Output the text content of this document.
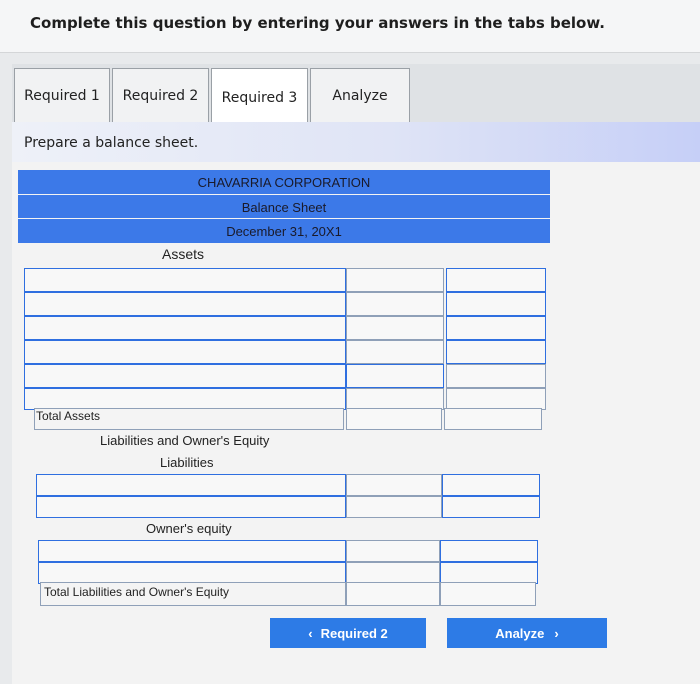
Complete this question by entering your answers in the tabs below.
Required 1 Required 2 Required 3	Analyze
Prepare a balance sheet.
CHAVARRIA CORPORATION
Balance Sheet
December 31, 20X1
Assets
Total Assets
Liabilities and Owner's Equity
Liabilities
Owner's equity
Total Liabilities and Owner's Equity
‹ Required 2	Analyze ›
